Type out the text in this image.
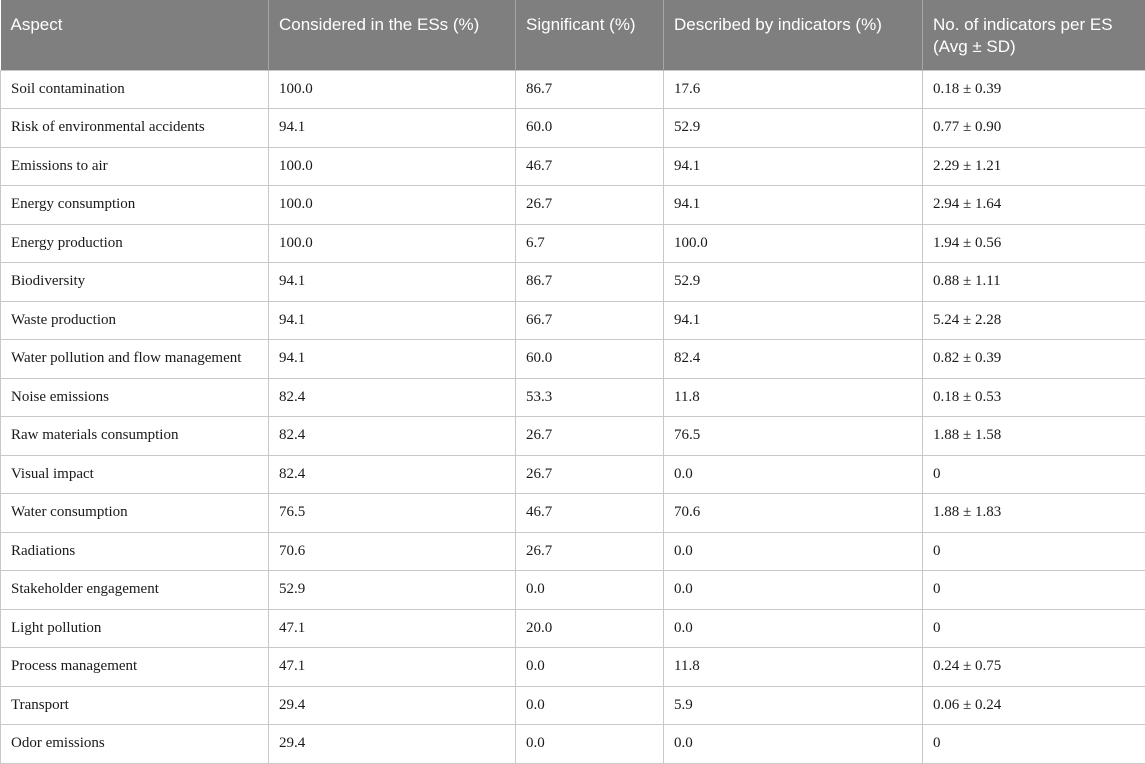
Aspect	Considered in the ESs (%)	Significant (%)	Described by indicators (%)	No. of indicators per ES (Avg ± SD)
Soil contamination	100.0	86.7	17.6	0.18 ± 0.39
Risk of environmental accidents	94.1	60.0	52.9	0.77 ± 0.90
Emissions to air	100.0	46.7	94.1	2.29 ± 1.21
Energy consumption	100.0	26.7	94.1	2.94 ± 1.64
Energy production	100.0	6.7	100.0	1.94 ± 0.56
Biodiversity	94.1	86.7	52.9	0.88 ± 1.11
Waste production	94.1	66.7	94.1	5.24 ± 2.28
Water pollution and flow management	94.1	60.0	82.4	0.82 ± 0.39
Noise emissions	82.4	53.3	11.8	0.18 ± 0.53
Raw materials consumption	82.4	26.7	76.5	1.88 ± 1.58
Visual impact	82.4	26.7	0.0	0
Water consumption	76.5	46.7	70.6	1.88 ± 1.83
Radiations	70.6	26.7	0.0	0
Stakeholder engagement	52.9	0.0	0.0	0
Light pollution	47.1	20.0	0.0	0
Process management	47.1	0.0	11.8	0.24 ± 0.75
Transport	29.4	0.0	5.9	0.06 ± 0.24
Odor emissions	29.4	0.0	0.0	0
